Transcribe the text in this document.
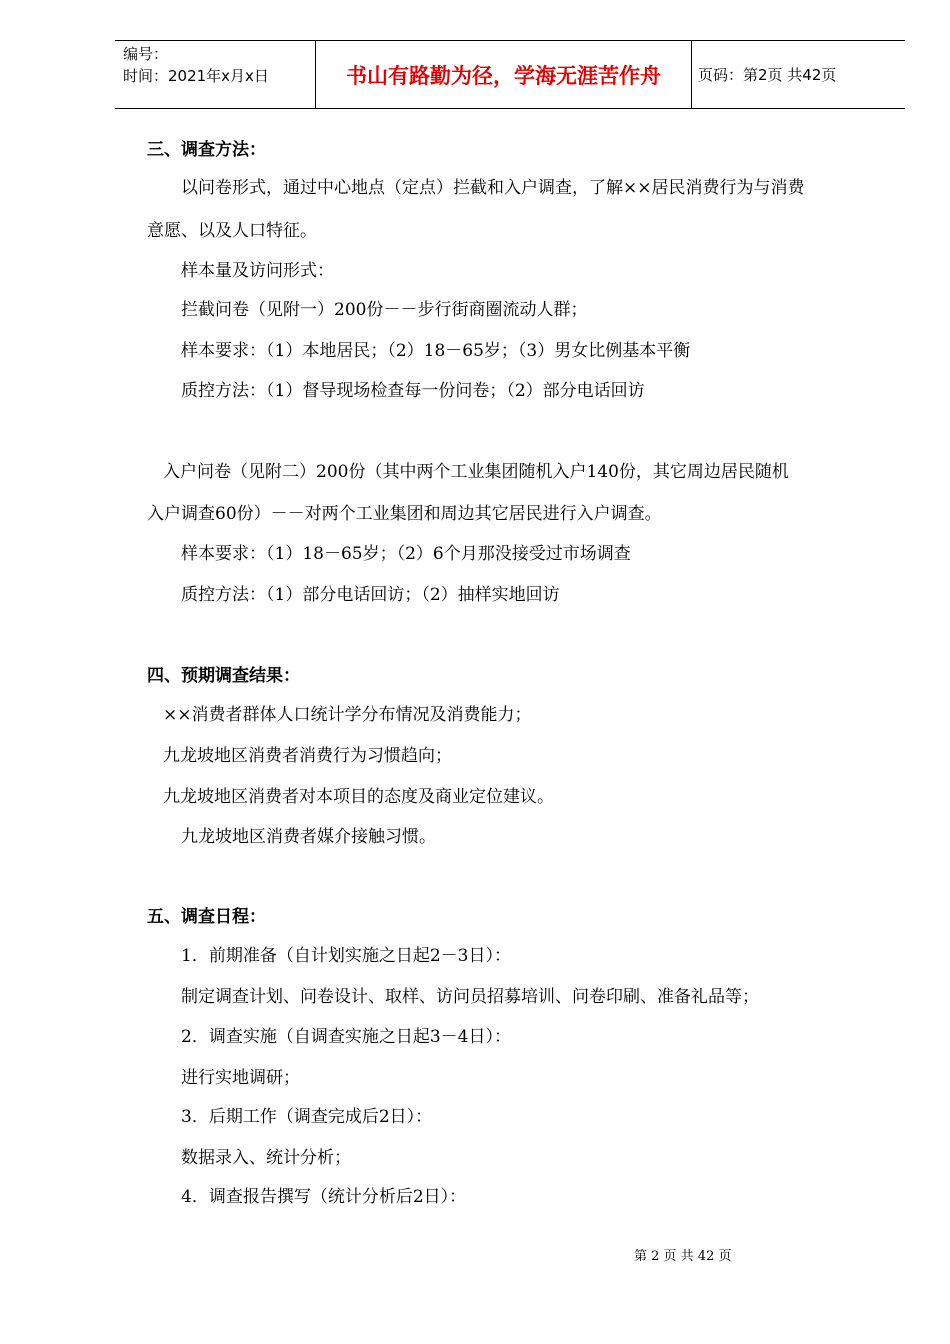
编号：
时间：2021年x月x日	书山有路勤为径，学海无涯苦作舟	页码：第2页 共42页
三、调查方法：
以问卷形式，通过中心地点（定点）拦截和入户调查，了解××居民消费行为与消费
意愿、以及人口特征。
样本量及访问形式：
拦截问卷（见附一）200份－－步行街商圈流动人群；
样本要求：（1）本地居民；（2）18－65岁；（3）男女比例基本平衡
质控方法：（1）督导现场检查每一份问卷；（2）部分电话回访
入户问卷（见附二）200份（其中两个工业集团随机入户140份，其它周边居民随机
入户调查60份）－－对两个工业集团和周边其它居民进行入户调查。
样本要求：（1）18－65岁；（2）6个月那没接受过市场调查
质控方法：（1）部分电话回访；（2）抽样实地回访
四、预期调查结果：
××消费者群体人口统计学分布情况及消费能力；
九龙坡地区消费者消费行为习惯趋向；
九龙坡地区消费者对本项目的态度及商业定位建议。
九龙坡地区消费者媒介接触习惯。
五、调查日程：
1．前期准备（自计划实施之日起2－3日）：
制定调查计划、问卷设计、取样、访问员招募培训、问卷印刷、准备礼品等；
2．调查实施（自调查实施之日起3－4日）：
进行实地调研；
3．后期工作（调查完成后2日）：
数据录入、统计分析；
4．调查报告撰写（统计分析后2日）：
第 2 页 共 42 页
